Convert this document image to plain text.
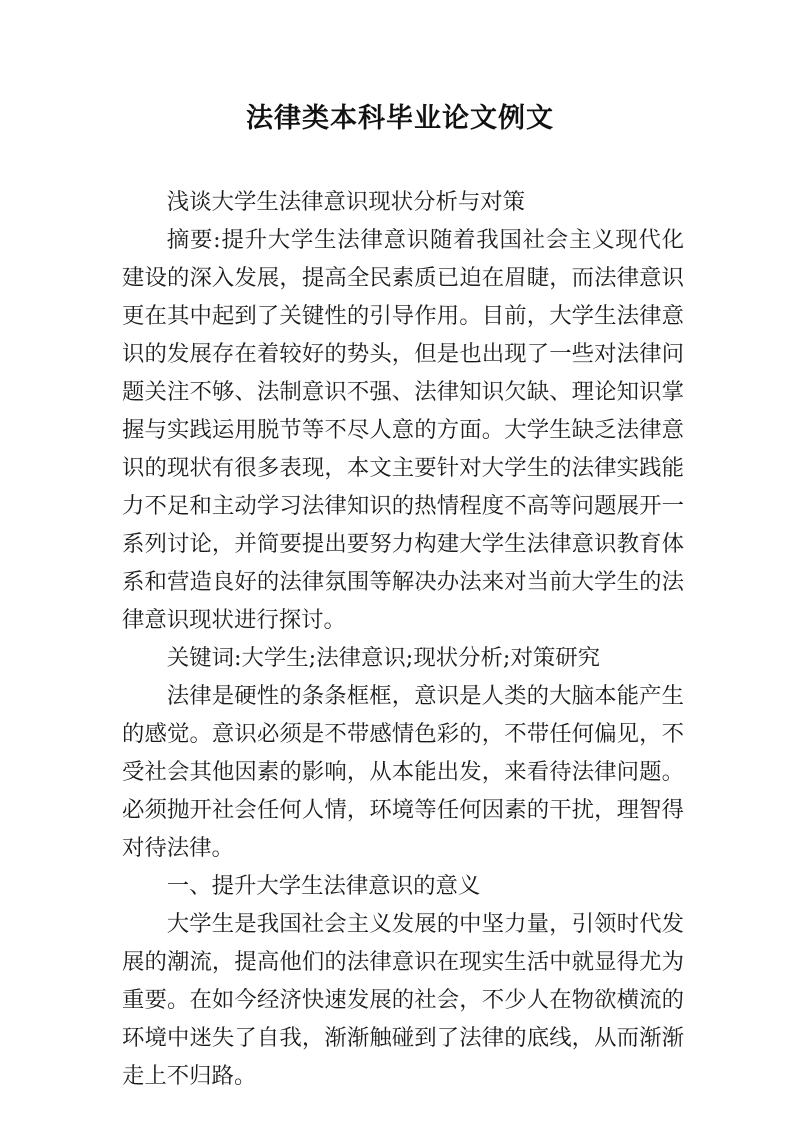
法律类本科毕业论文例文

浅谈大学生法律意识现状分析与对策

摘要:提升大学生法律意识随着我国社会主义现代化建设的深入发展，提高全民素质已迫在眉睫，而法律意识更在其中起到了关键性的引导作用。目前，大学生法律意识的发展存在着较好的势头，但是也出现了一些对法律问题关注不够、法制意识不强、法律知识欠缺、理论知识掌握与实践运用脱节等不尽人意的方面。大学生缺乏法律意识的现状有很多表现，本文主要针对大学生的法律实践能力不足和主动学习法律知识的热情程度不高等问题展开一系列讨论，并简要提出要努力构建大学生法律意识教育体系和营造良好的法律氛围等解决办法来对当前大学生的法律意识现状进行探讨。

关键词:大学生;法律意识;现状分析;对策研究

法律是硬性的条条框框，意识是人类的大脑本能产生的感觉。意识必须是不带感情色彩的，不带任何偏见，不受社会其他因素的影响，从本能出发，来看待法律问题。必须抛开社会任何人情，环境等任何因素的干扰，理智得对待法律。

一、提升大学生法律意识的意义

大学生是我国社会主义发展的中坚力量，引领时代发展的潮流，提高他们的法律意识在现实生活中就显得尤为重要。在如今经济快速发展的社会，不少人在物欲横流的环境中迷失了自我，渐渐触碰到了法律的底线，从而渐渐走上不归路。
